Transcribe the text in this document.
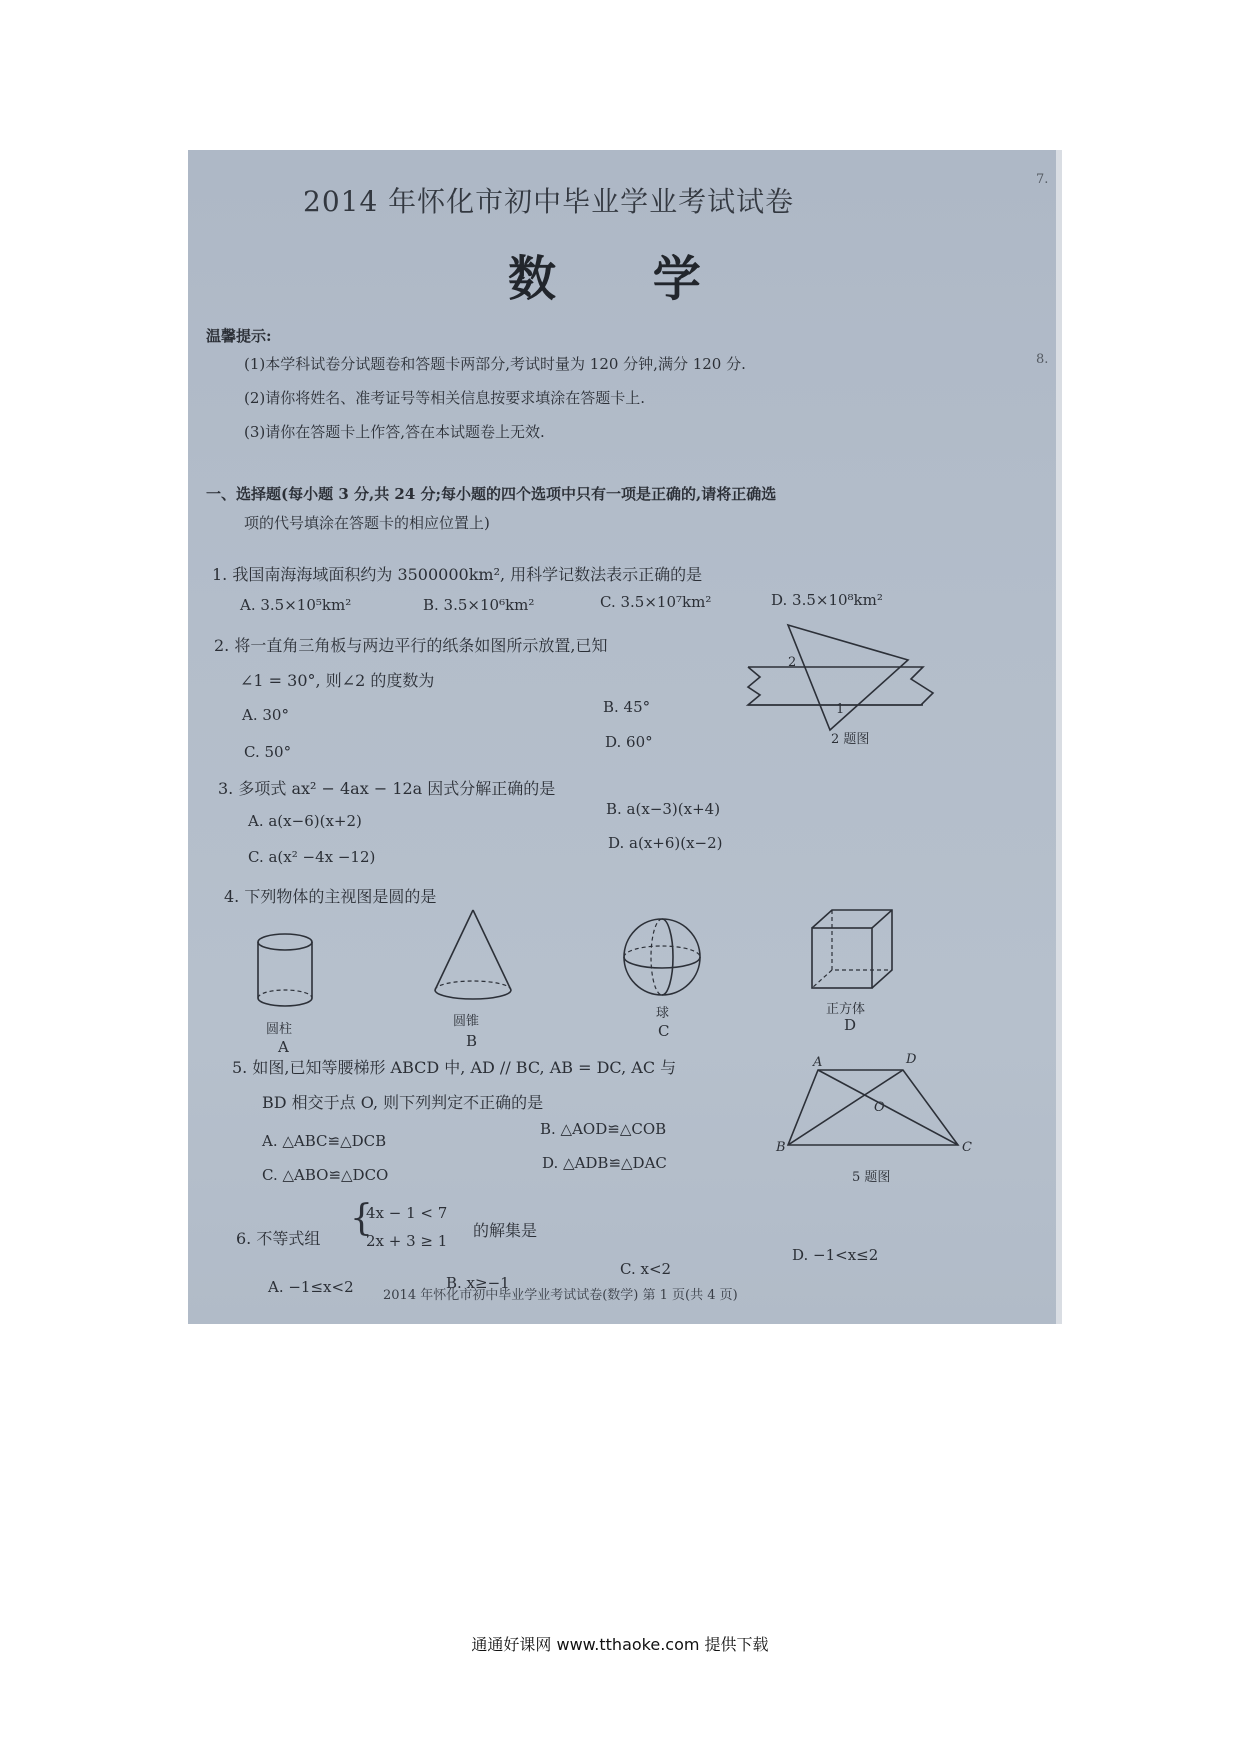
2014 年怀化市初中毕业学业考试试卷
数 学
温馨提示:
(1)本学科试卷分试题卷和答题卡两部分,考试时量为 120 分钟,满分 120 分.
(2)请你将姓名、准考证号等相关信息按要求填涂在答题卡上.
(3)请你在答题卡上作答,答在本试题卷上无效.
一、选择题(每小题 3 分,共 24 分;每小题的四个选项中只有一项是正确的,请将正确选
项的代号填涂在答题卡的相应位置上)
1. 我国南海海域面积约为 3500000km², 用科学记数法表示正确的是
A. 3.5×10⁵km²	B. 3.5×10⁶km²	C. 3.5×10⁷km²	D. 3.5×10⁸km²
2. 将一直角三角板与两边平行的纸条如图所示放置,已知
∠1 = 30°, 则∠2 的度数为
A. 30°	B. 45°
C. 50°
D. 60°
2
1
2 题图
3. 多项式 ax² − 4ax − 12a 因式分解正确的是
A. a(x−6)(x+2)
B. a(x−3)(x+4)
C. a(x² −4x −12)
D. a(x+6)(x−2)
4. 下列物体的主视图是圆的是
圆柱
A
圆锥
B
球
C
正方体
D
5. 如图,已知等腰梯形 ABCD 中, AD // BC, AB = DC, AC 与
BD 相交于点 O, 则下列判定不正确的是
A. △ABC≌△DCB
B. △AOD≌△COB
C. △ABO≌△DCO
D. △ADB≌△DAC
A	D
B	C
O
5 题图
6. 不等式组 {
4x − 1 < 7
2x + 3 ≥ 1
的解集是
A. −1≤x<2	B. x≥−1
C. x<2
D. −1<x≤2
2014 年怀化市初中毕业学业考试试卷(数学) 第 1 页(共 4 页)
7.
8.
通通好课网 www.tthaoke.com 提供下载
